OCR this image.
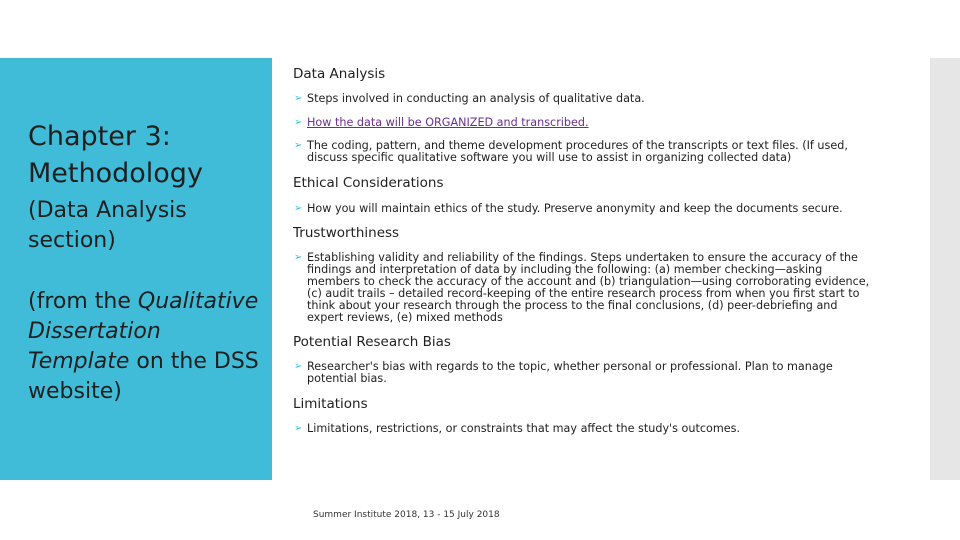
Chapter 3: Methodology
(Data Analysis section)
(from the Qualitative Dissertation Template on the DSS website)
Data Analysis
➢ Steps involved in conducting an analysis of qualitative data.
➢ How the data will be ORGANIZED and transcribed.
➢ The coding, pattern, and theme development procedures of the transcripts or text files. (If used, discuss specific qualitative software you will use to assist in organizing collected data)
Ethical Considerations
➢ How you will maintain ethics of the study. Preserve anonymity and keep the documents secure.
Trustworthiness
➢ Establishing validity and reliability of the findings. Steps undertaken to ensure the accuracy of the findings and interpretation of data by including the following: (a) member checking—asking members to check the accuracy of the account and (b) triangulation—using corroborating evidence, (c) audit trails – detailed record-keeping of the entire research process from when you first start to think about your research through the process to the final conclusions, (d) peer-debriefing and expert reviews, (e) mixed methods
Potential Research Bias
➢ Researcher's bias with regards to the topic, whether personal or professional. Plan to manage potential bias.
Limitations
➢ Limitations, restrictions, or constraints that may affect the study's outcomes.
Summer Institute 2018, 13 - 15 July 2018
